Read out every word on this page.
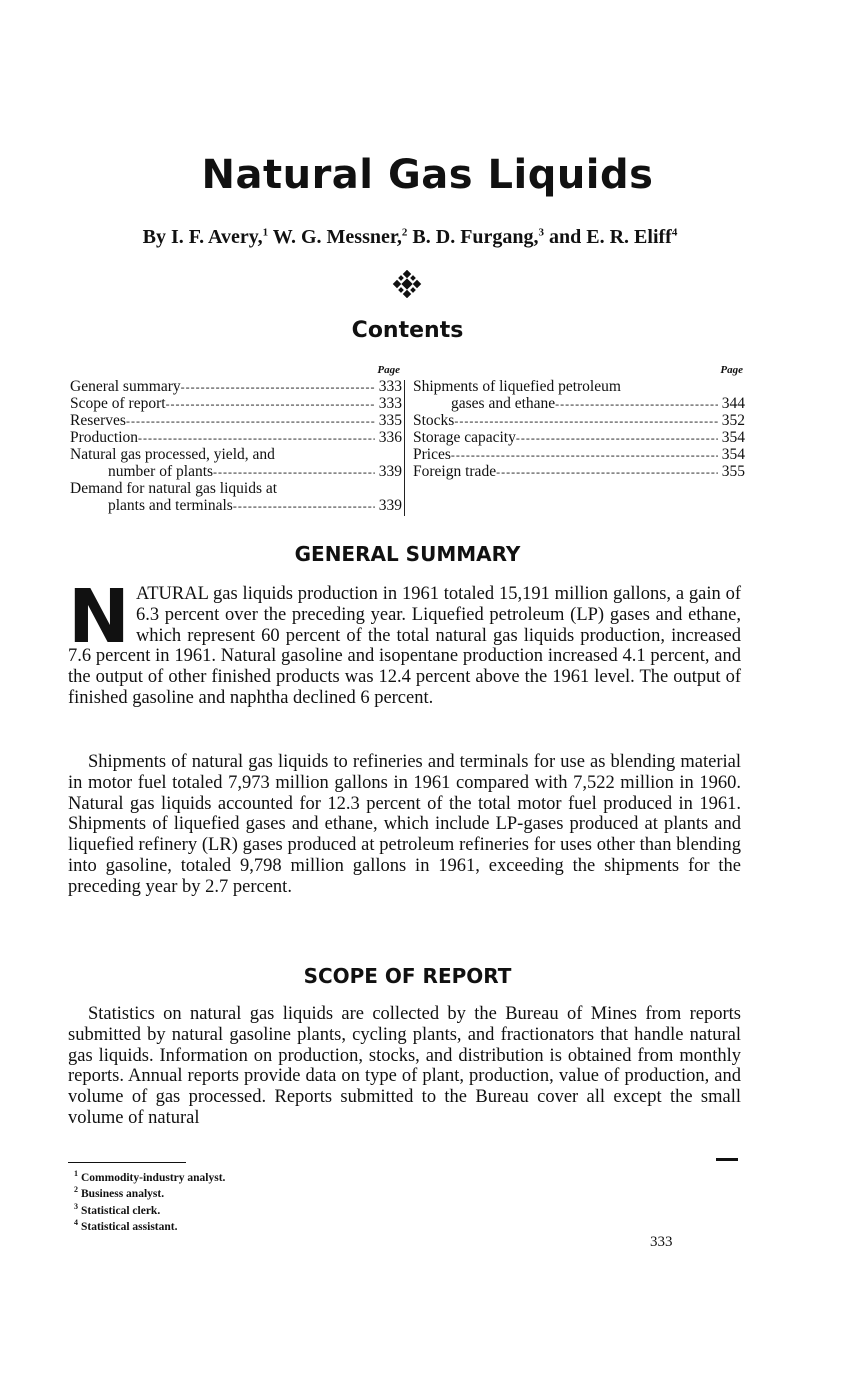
Natural Gas Liquids
By I. F. Avery,$^1$ W. G. Messner,$^2$ B. D. Furgang,$^3$ and E. R. Eliff$^4$
Contents
Page
General summary -----	333
Scope of report -----	333
Reserves -----	335
Production -----	336
Natural gas processed, yield, and
number of plants -----	339
Demand for natural gas liquids at
plants and terminals -----	339
Page
Shipments of liquefied petroleum
gases and ethane -----	344
Stocks -----	352
Storage capacity -----	354
Prices -----	354
Foreign trade -----	355
GENERAL SUMMARY

NATURAL gas liquids production in 1961 totaled 15,191 million gallons, a gain of 6.3 percent over the preceding year. Liquefied petroleum (LP) gases and ethane, which represent 60 percent of the total natural gas liquids production, increased 7.6 percent in 1961. Natural gasoline and isopentane production increased 4.1 percent, and the output of other finished products was 12.4 percent above the 1961 level. The output of finished gasoline and naphtha declined 6 percent.

Shipments of natural gas liquids to refineries and terminals for use as blending material in motor fuel totaled 7,973 million gallons in 1961 compared with 7,522 million in 1960. Natural gas liquids accounted for 12.3 percent of the total motor fuel produced in 1961. Shipments of liquefied gases and ethane, which include LP-gases produced at plants and liquefied refinery (LR) gases produced at petroleum refineries for uses other than blending into gasoline, totaled 9,798 million gallons in 1961, exceeding the shipments for the preceding year by 2.7 percent.

SCOPE OF REPORT

Statistics on natural gas liquids are collected by the Bureau of Mines from reports submitted by natural gasoline plants, cycling plants, and fractionators that handle natural gas liquids. Information on production, stocks, and distribution is obtained from monthly reports. Annual reports provide data on type of plant, production, value of production, and volume of gas processed. Reports submitted to the Bureau cover all except the small volume of natural

$^1$ Commodity-industry analyst.
$^2$ Business analyst.
$^3$ Statistical clerk.
$^4$ Statistical assistant.
333
